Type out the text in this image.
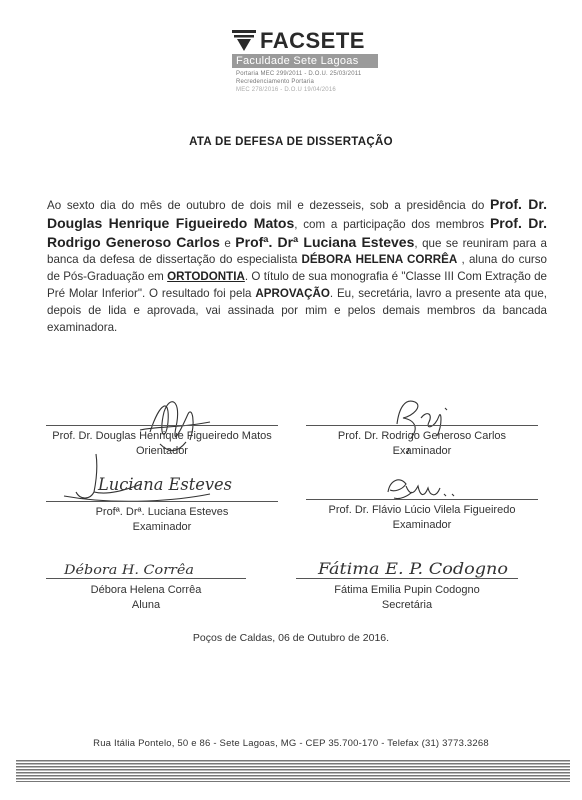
FACSETE
Faculdade Sete Lagoas
Portaria MEC 299/2011 - D.O.U. 25/03/2011
Recredenciamento Portaria
MEC 278/2016 - D.O.U 19/04/2016
ATA DE DEFESA DE DISSERTAÇÃO
Ao sexto dia do mês de outubro de dois mil e dezesseis, sob a presidência do Prof. Dr. Douglas Henrique Figueiredo Matos, com a participação dos membros Prof. Dr. Rodrigo Generoso Carlos e Profª. Drª Luciana Esteves, que se reuniram para a banca da defesa de dissertação do especialista DÉBORA HELENA CORRÊA , aluna do curso de Pós-Graduação em ORTODONTIA. O título de sua monografia é "Classe III Com Extração de Pré Molar Inferior". O resultado foi pela APROVAÇÃO. Eu, secretária, lavro a presente ata que, depois de lida e aprovada, vai assinada por mim e pelos demais membros da bancada examinadora.
Prof. Dr. Douglas Henrique Figueiredo Matos
Orientador
Prof. Dr. Rodrigo Generoso Carlos
Examinador
Luciana Esteves
Profª. Drª. Luciana Esteves
Examinador
Prof. Dr. Flávio Lúcio Vilela Figueiredo
Examinador
Débora H. Corrêa
Débora Helena Corrêa
Aluna
Fátima E. P. Codogno
Fátima Emilia Pupin Codogno
Secretária
Poços de Caldas, 06 de Outubro de 2016.
Rua Itália Pontelo, 50 e 86 - Sete Lagoas, MG - CEP 35.700-170 - Telefax (31) 3773.3268
